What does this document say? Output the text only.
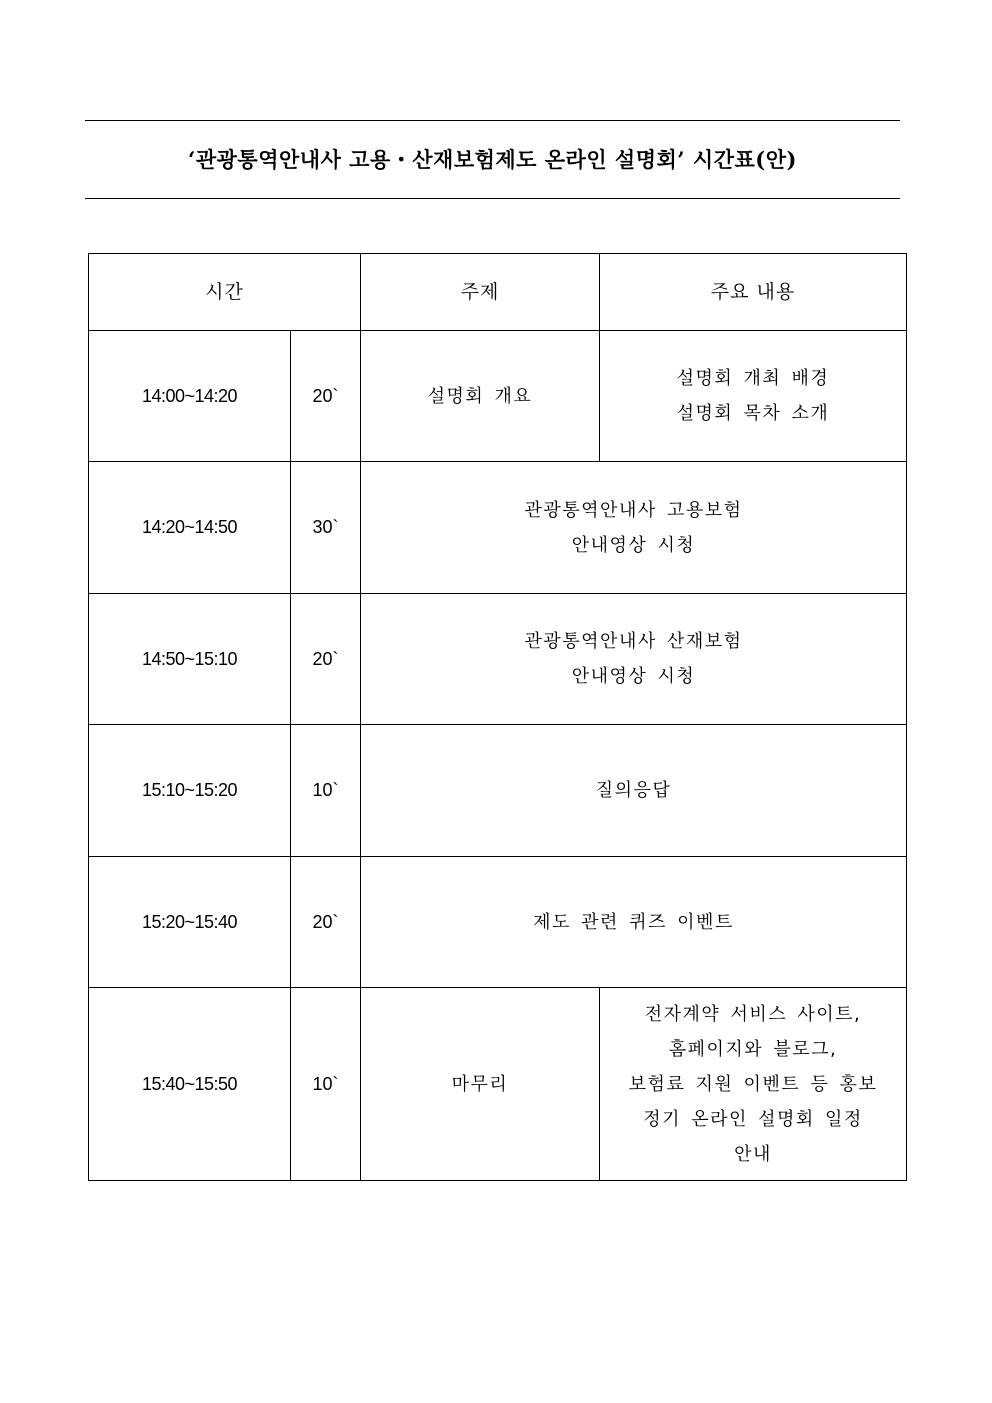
‘관광통역안내사 고용・산재보험제도 온라인 설명회’ 시간표(안)
시간		주제	주요 내용
14:00~14:20	20`	설명회 개요	설명회 개최 배경
설명회 목차 소개

14:20~14:50	30`	관광통역안내사 고용보험
안내영상 시청	

14:50~15:10	20`	관광통역안내사 산재보험
안내영상 시청	

15:10~15:20	10`	질의응답	

15:20~15:40	20`	제도 관련 퀴즈 이벤트	

15:40~15:50	10`	마무리	전자계약 서비스 사이트,
홈페이지와 블로그,
보험료 지원 이벤트 등 홍보
정기 온라인 설명회 일정
안내
